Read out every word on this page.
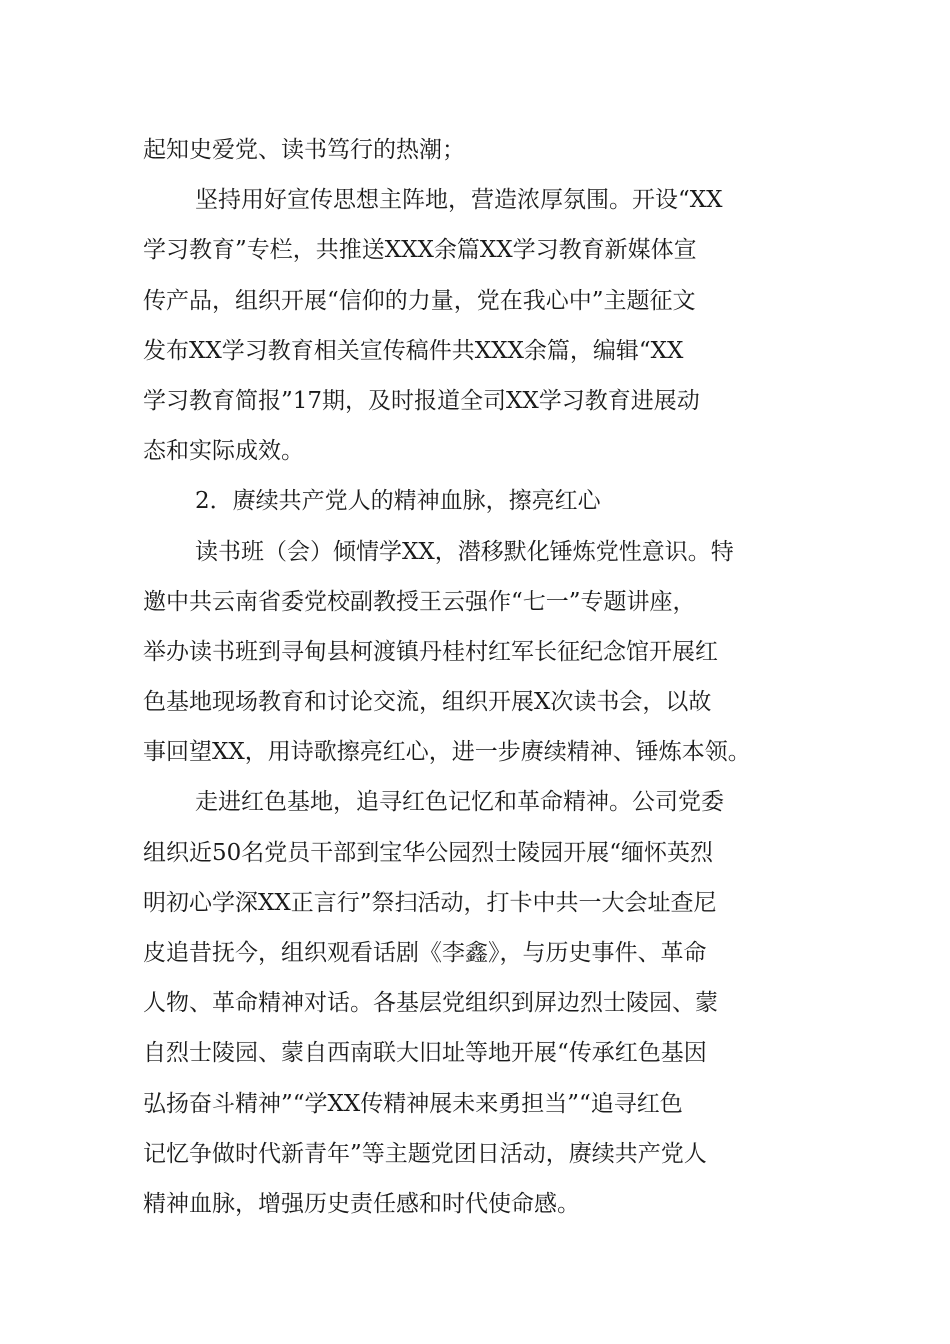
起知史爱党、读书笃行的热潮；
坚持用好宣传思想主阵地，营造浓厚氛围。开设“XX
学习教育”专栏，共推送XXX余篇XX学习教育新媒体宣
传产品，组织开展“信仰的力量，党在我心中”主题征文
发布XX学习教育相关宣传稿件共XXX余篇，编辑“XX
学习教育简报”17期，及时报道全司XX学习教育进展动
态和实际成效。
2．赓续共产党人的精神血脉，擦亮红心
读书班（会）倾情学XX，潜移默化锤炼党性意识。特
邀中共云南省委党校副教授王云强作“七一”专题讲座，
举办读书班到寻甸县柯渡镇丹桂村红军长征纪念馆开展红
色基地现场教育和讨论交流，组织开展X次读书会，以故
事回望XX，用诗歌擦亮红心，进一步赓续精神、锤炼本领。
走进红色基地，追寻红色记忆和革命精神。公司党委
组织近50名党员干部到宝华公园烈士陵园开展“缅怀英烈
明初心学深XX正言行”祭扫活动，打卡中共一大会址查尼
皮追昔抚今，组织观看话剧《李鑫》，与历史事件、革命
人物、革命精神对话。各基层党组织到屏边烈士陵园、蒙
自烈士陵园、蒙自西南联大旧址等地开展“传承红色基因
弘扬奋斗精神”“学XX传精神展未来勇担当”“追寻红色
记忆争做时代新青年”等主题党团日活动，赓续共产党人
精神血脉，增强历史责任感和时代使命感。
